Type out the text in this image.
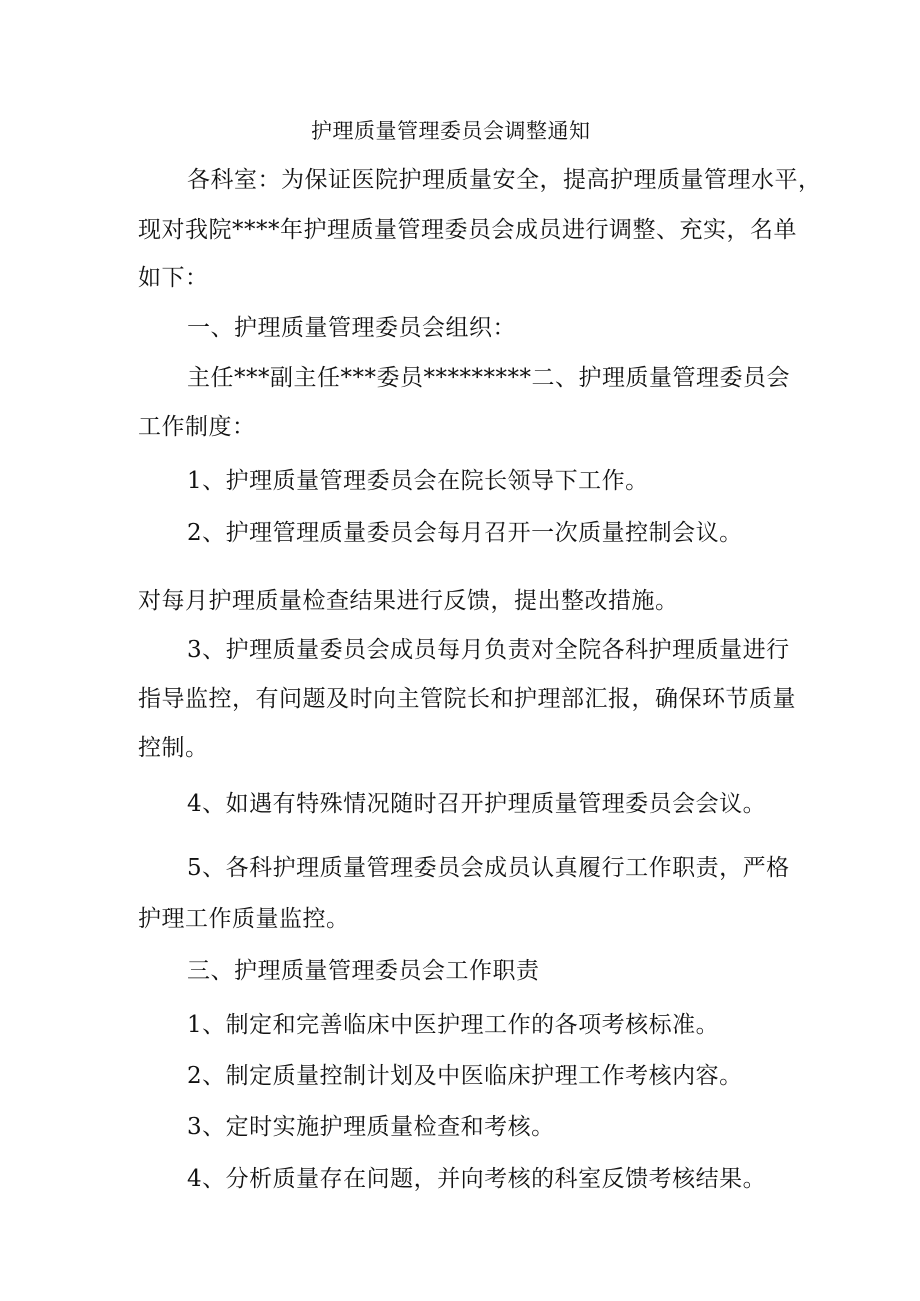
护理质量管理委员会调整通知
各科室：为保证医院护理质量安全，提高护理质量管理水平，
现对我院****年护理质量管理委员会成员进行调整、充实，名单
如下：
一、护理质量管理委员会组织：
主任***副主任***委员*********二、护理质量管理委员会
工作制度：
1、护理质量管理委员会在院长领导下工作。
2、护理管理质量委员会每月召开一次质量控制会议。
对每月护理质量检查结果进行反馈，提出整改措施。
3、护理质量委员会成员每月负责对全院各科护理质量进行
指导监控，有问题及时向主管院长和护理部汇报，确保环节质量
控制。
4、如遇有特殊情况随时召开护理质量管理委员会会议。
5、各科护理质量管理委员会成员认真履行工作职责，严格
护理工作质量监控。
三、护理质量管理委员会工作职责
1、制定和完善临床中医护理工作的各项考核标准。
2、制定质量控制计划及中医临床护理工作考核内容。
3、定时实施护理质量检查和考核。
4、分析质量存在问题，并向考核的科室反馈考核结果。
